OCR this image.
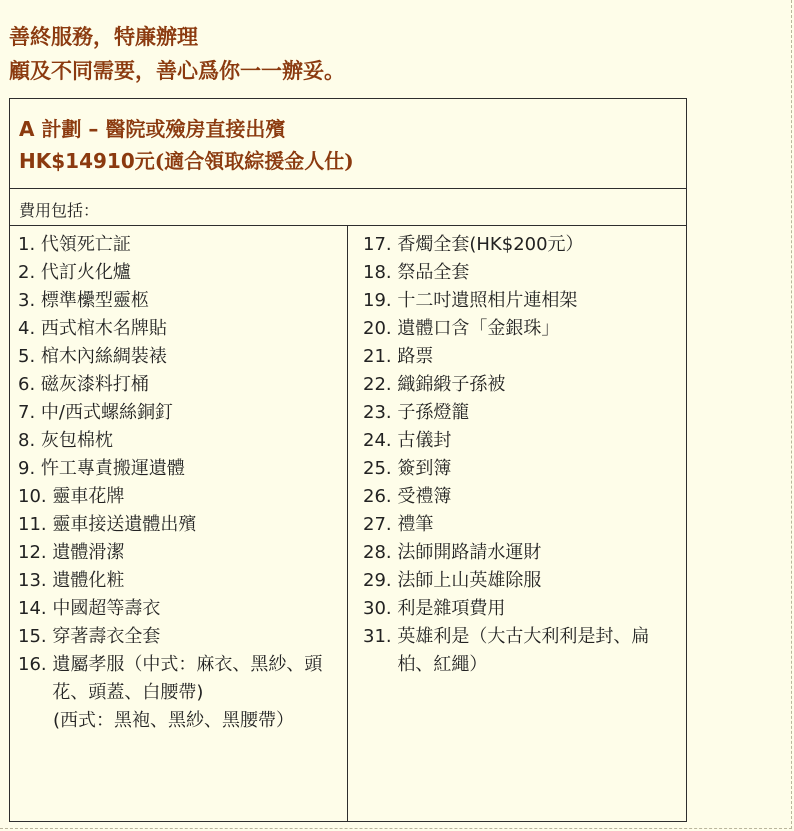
善終服務，特廉辦理
顧及不同需要，善心爲你一一辦妥。
A 計劃 – 醫院或殮房直接出殯
HK$14910元(適合領取綜援金人仕)
費用包括：
1.
代領死亡証
2.
代訂火化爐
3.
標準欙型靈柩
4.
西式棺木名牌貼
5.
棺木內絲綢裝裱
6.
磁灰漆料打桶
7.
中/西式螺絲銅釘
8.
灰包棉枕
9.
忤工專責搬運遺體
10.
靈車花牌
11.
靈車接送遺體出殯
12.
遺體滑潔
13.
遺體化粧
14.
中國超等壽衣
15.
穿著壽衣全套
16.
遺屬孝服（中式：麻衣、黑紗、頭花、頭蓋、白腰帶)
(西式：黑袍、黑紗、黑腰帶）
17.
香燭全套(HK$200元）
18.
祭品全套
19.
十二吋遺照相片連相架
20.
遺體口含「金銀珠」
21.
路票
22.
織錦緞子孫被
23.
子孫燈籠
24.
古儀封
25.
簽到簿
26.
受禮簿
27.
禮筆
28.
法師開路請水運財
29.
法師上山英雄除服
30.
利是雜項費用
31.
英雄利是（大古大利利是封、扁柏、紅繩）
